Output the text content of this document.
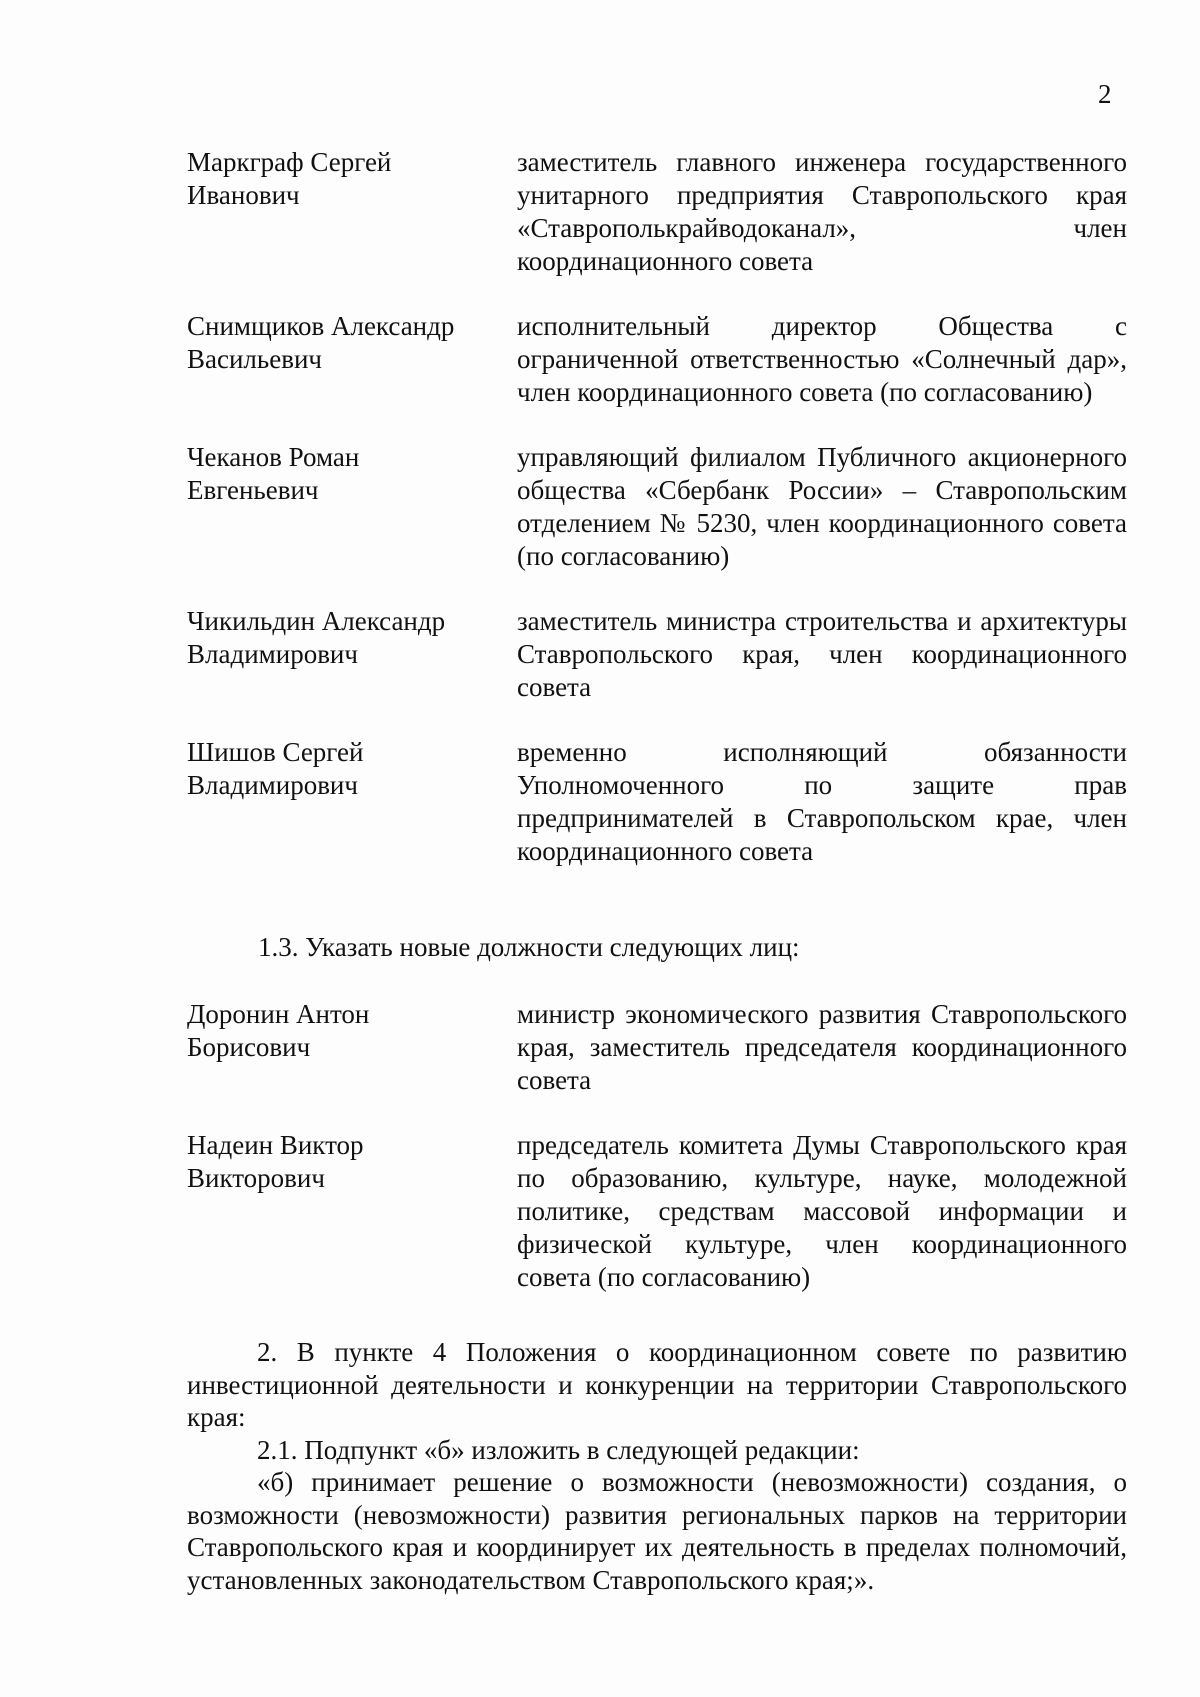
2
Маркграф Сергей
Иванович
заместитель главного инженера государственного унитарного предприятия Ставропольского края «Ставрополькрайводоканал», член координационного совета
Снимщиков Александр
Васильевич
исполнительный директор Общества с ограниченной ответственностью «Солнечный дар», член координационного совета (по согласованию)
Чеканов Роман
Евгеньевич
управляющий филиалом Публичного акционерного общества «Сбербанк России» – Ставропольским отделением № 5230, член координационного совета (по согласованию)
Чикильдин Александр
Владимирович
заместитель министра строительства и архитектуры Ставропольского края, член координационного совета
Шишов Сергей
Владимирович
временно исполняющий обязанности Уполномоченного по защите прав предпринимателей в Ставропольском крае, член координационного совета
1.3. Указать новые должности следующих лиц:
Доронин Антон
Борисович
министр экономического развития Ставропольского края, заместитель председателя координационного совета
Надеин Виктор
Викторович
председатель комитета Думы Ставропольского края по образованию, культуре, науке, молодежной политике, средствам массовой информации и физической культуре, член координационного совета (по согласованию)

2. В пункте 4 Положения о координационном совете по развитию инвестиционной деятельности и конкуренции на территории Ставропольского края:

2.1. Подпункт «б» изложить в следующей редакции:

«б) принимает решение о возможности (невозможности) создания, о возможности (невозможности) развития региональных парков на территории Ставропольского края и координирует их деятельность в пределах полномочий, установленных законодательством Ставропольского края;».
